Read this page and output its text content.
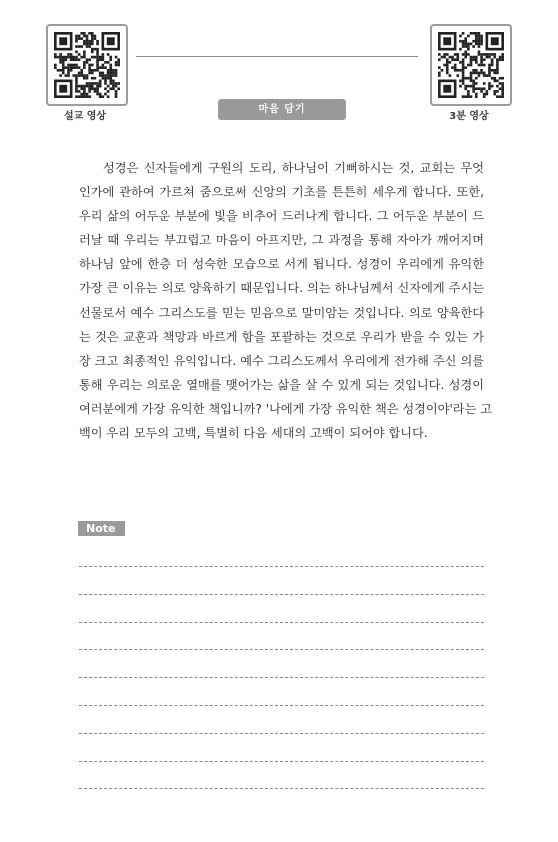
설교 영상	3분 영상
마음 담기
성경은 신자들에게 구원의 도리, 하나님이 기뻐하시는 것, 교회는 무엇
인가에 관하여 가르쳐 줌으로써 신앙의 기초를 튼튼히 세우게 합니다. 또한,
우리 삶의 어두운 부분에 빛을 비추어 드러나게 합니다. 그 어두운 부분이 드
러날 때 우리는 부끄럽고 마음이 아프지만, 그 과정을 통해 자아가 깨어지며
하나님 앞에 한층 더 성숙한 모습으로 서게 됩니다. 성경이 우리에게 유익한
가장 큰 이유는 의로 양육하기 때문입니다. 의는 하나님께서 신자에게 주시는
선물로서 예수 그리스도를 믿는 믿음으로 말미암는 것입니다. 의로 양육한다
는 것은 교훈과 책망과 바르게 함을 포괄하는 것으로 우리가 받을 수 있는 가
장 크고 최종적인 유익입니다. 예수 그리스도께서 우리에게 전가해 주신 의를
통해 우리는 의로운 열매를 맺어가는 삶을 살 수 있게 되는 것입니다. 성경이
여러분에게 가장 유익한 책입니까? '나에게 가장 유익한 책은 성경이야'라는 고
백이 우리 모두의 고백, 특별히 다음 세대의 고백이 되어야 합니다.
Note
